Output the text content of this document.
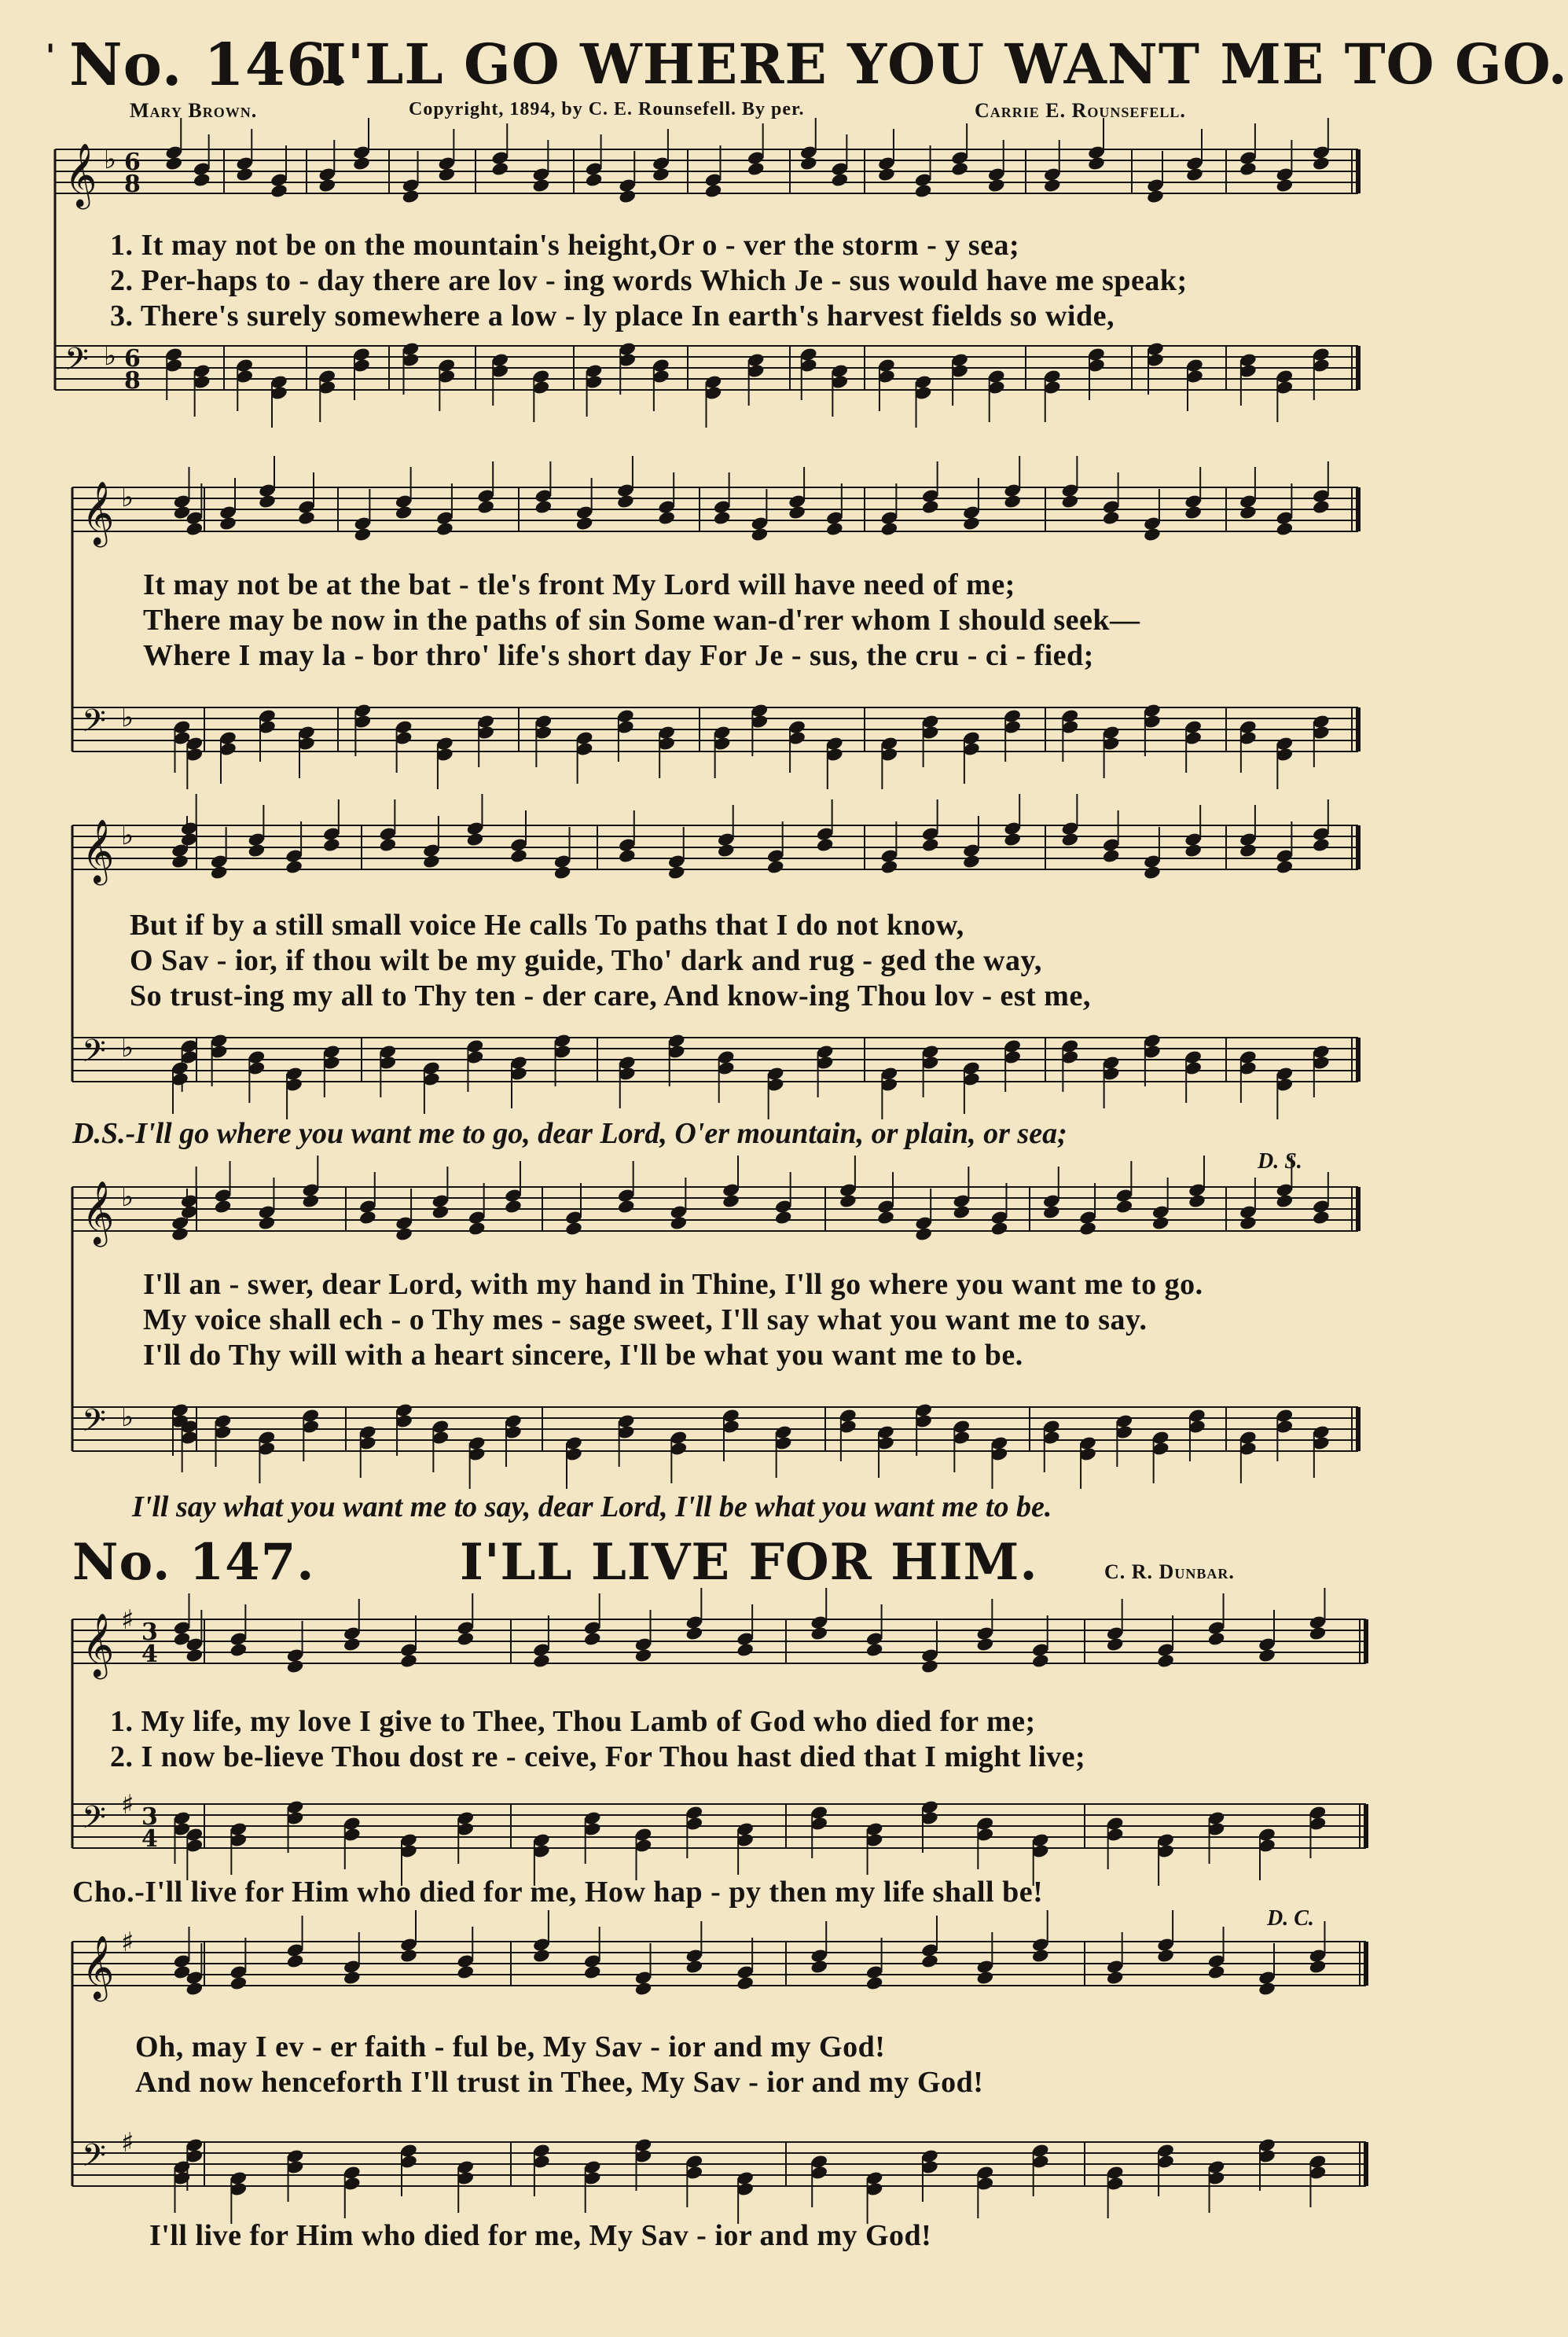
' No. 146.
I'LL GO WHERE YOU WANT ME TO GO.
Mary Brown.	Copyright, 1894, by C. E. Rounsefell. By per.	Carrie E. Rounsefell.
𝄞 ♭ 6
8
𝄢 ♭ 6
8
𝄞 ♭
𝄢 ♭
𝄞 ♭
𝄢 ♭
𝄞 ♭
𝄢 ♭
𝄞 ♯ 3
4
𝄢 ♯ 3
4
𝄞 ♯
𝄢 ♯
1. It may not be on the mountain's height,Or o - ver the storm - y sea;
2. Per-haps to - day there are lov - ing words Which Je - sus would have me speak;
3. There's surely somewhere a low - ly place In earth's harvest fields so wide,
It may not be at the bat - tle's front My Lord will have need of me;
There may be now in the paths of sin Some wan-d'rer whom I should seek—
Where I may la - bor thro' life's short day For Je - sus, the cru - ci - fied;
But if by a still small voice He calls To paths that I do not know,
O Sav - ior, if thou wilt be my guide, Tho' dark and rug - ged the way,
So trust-ing my all to Thy ten - der care, And know-ing Thou lov - est me,
D.S.-I'll go where you want me to go, dear Lord, O'er mountain, or plain, or sea;
D. S.
I'll an - swer, dear Lord, with my hand in Thine, I'll go where you want me to go.
My voice shall ech - o Thy mes - sage sweet, I'll say what you want me to say.
I'll do Thy will with a heart sincere, I'll be what you want me to be.
I'll say what you want me to say, dear Lord, I'll be what you want me to be.
No. 147.	I'LL LIVE FOR HIM.	C. R. Dunbar.
1. My life, my love I give to Thee, Thou Lamb of God who died for me;
2. I now be-lieve Thou dost re - ceive, For Thou hast died that I might live;
Cho.-I'll live for Him who died for me, How hap - py then my life shall be!
D. C.
Oh, may I ev - er faith - ful be, My Sav - ior and my God!
And now henceforth I'll trust in Thee, My Sav - ior and my God!
I'll live for Him who died for me, My Sav - ior and my God!
